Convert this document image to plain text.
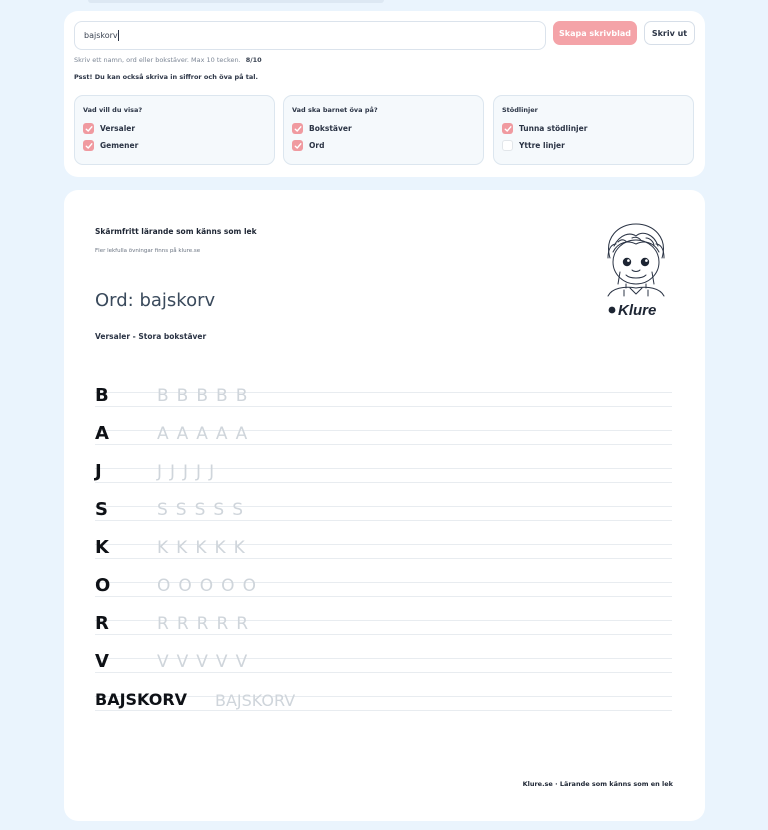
bajskorv
Skapa skrivblad	Skriv ut
Skriv ett namn, ord eller bokstäver. Max 10 tecken. 8/10
Psst! Du kan också skriva in siffror och öva på tal.
Vad vill du visa?
Versaler
Gemener
Vad ska barnet öva på?
Bokstäver
Ord
Stödlinjer
Tunna stödlinjer
Yttre linjer
Skärmfritt lärande som känns som lek
Fler lekfulla övningar finns på klure.se
Ord: bajskorv
Versaler - Stora bokstäver
Klure
B	B B B B B
A	A A A A A
J	J J J J J
S	S S S S S
K	K K K K K
O	O O O O O
R	R R R R R
V	V V V V V
BAJSKORV BAJSKORV
Klure.se · Lärande som känns som en lek
